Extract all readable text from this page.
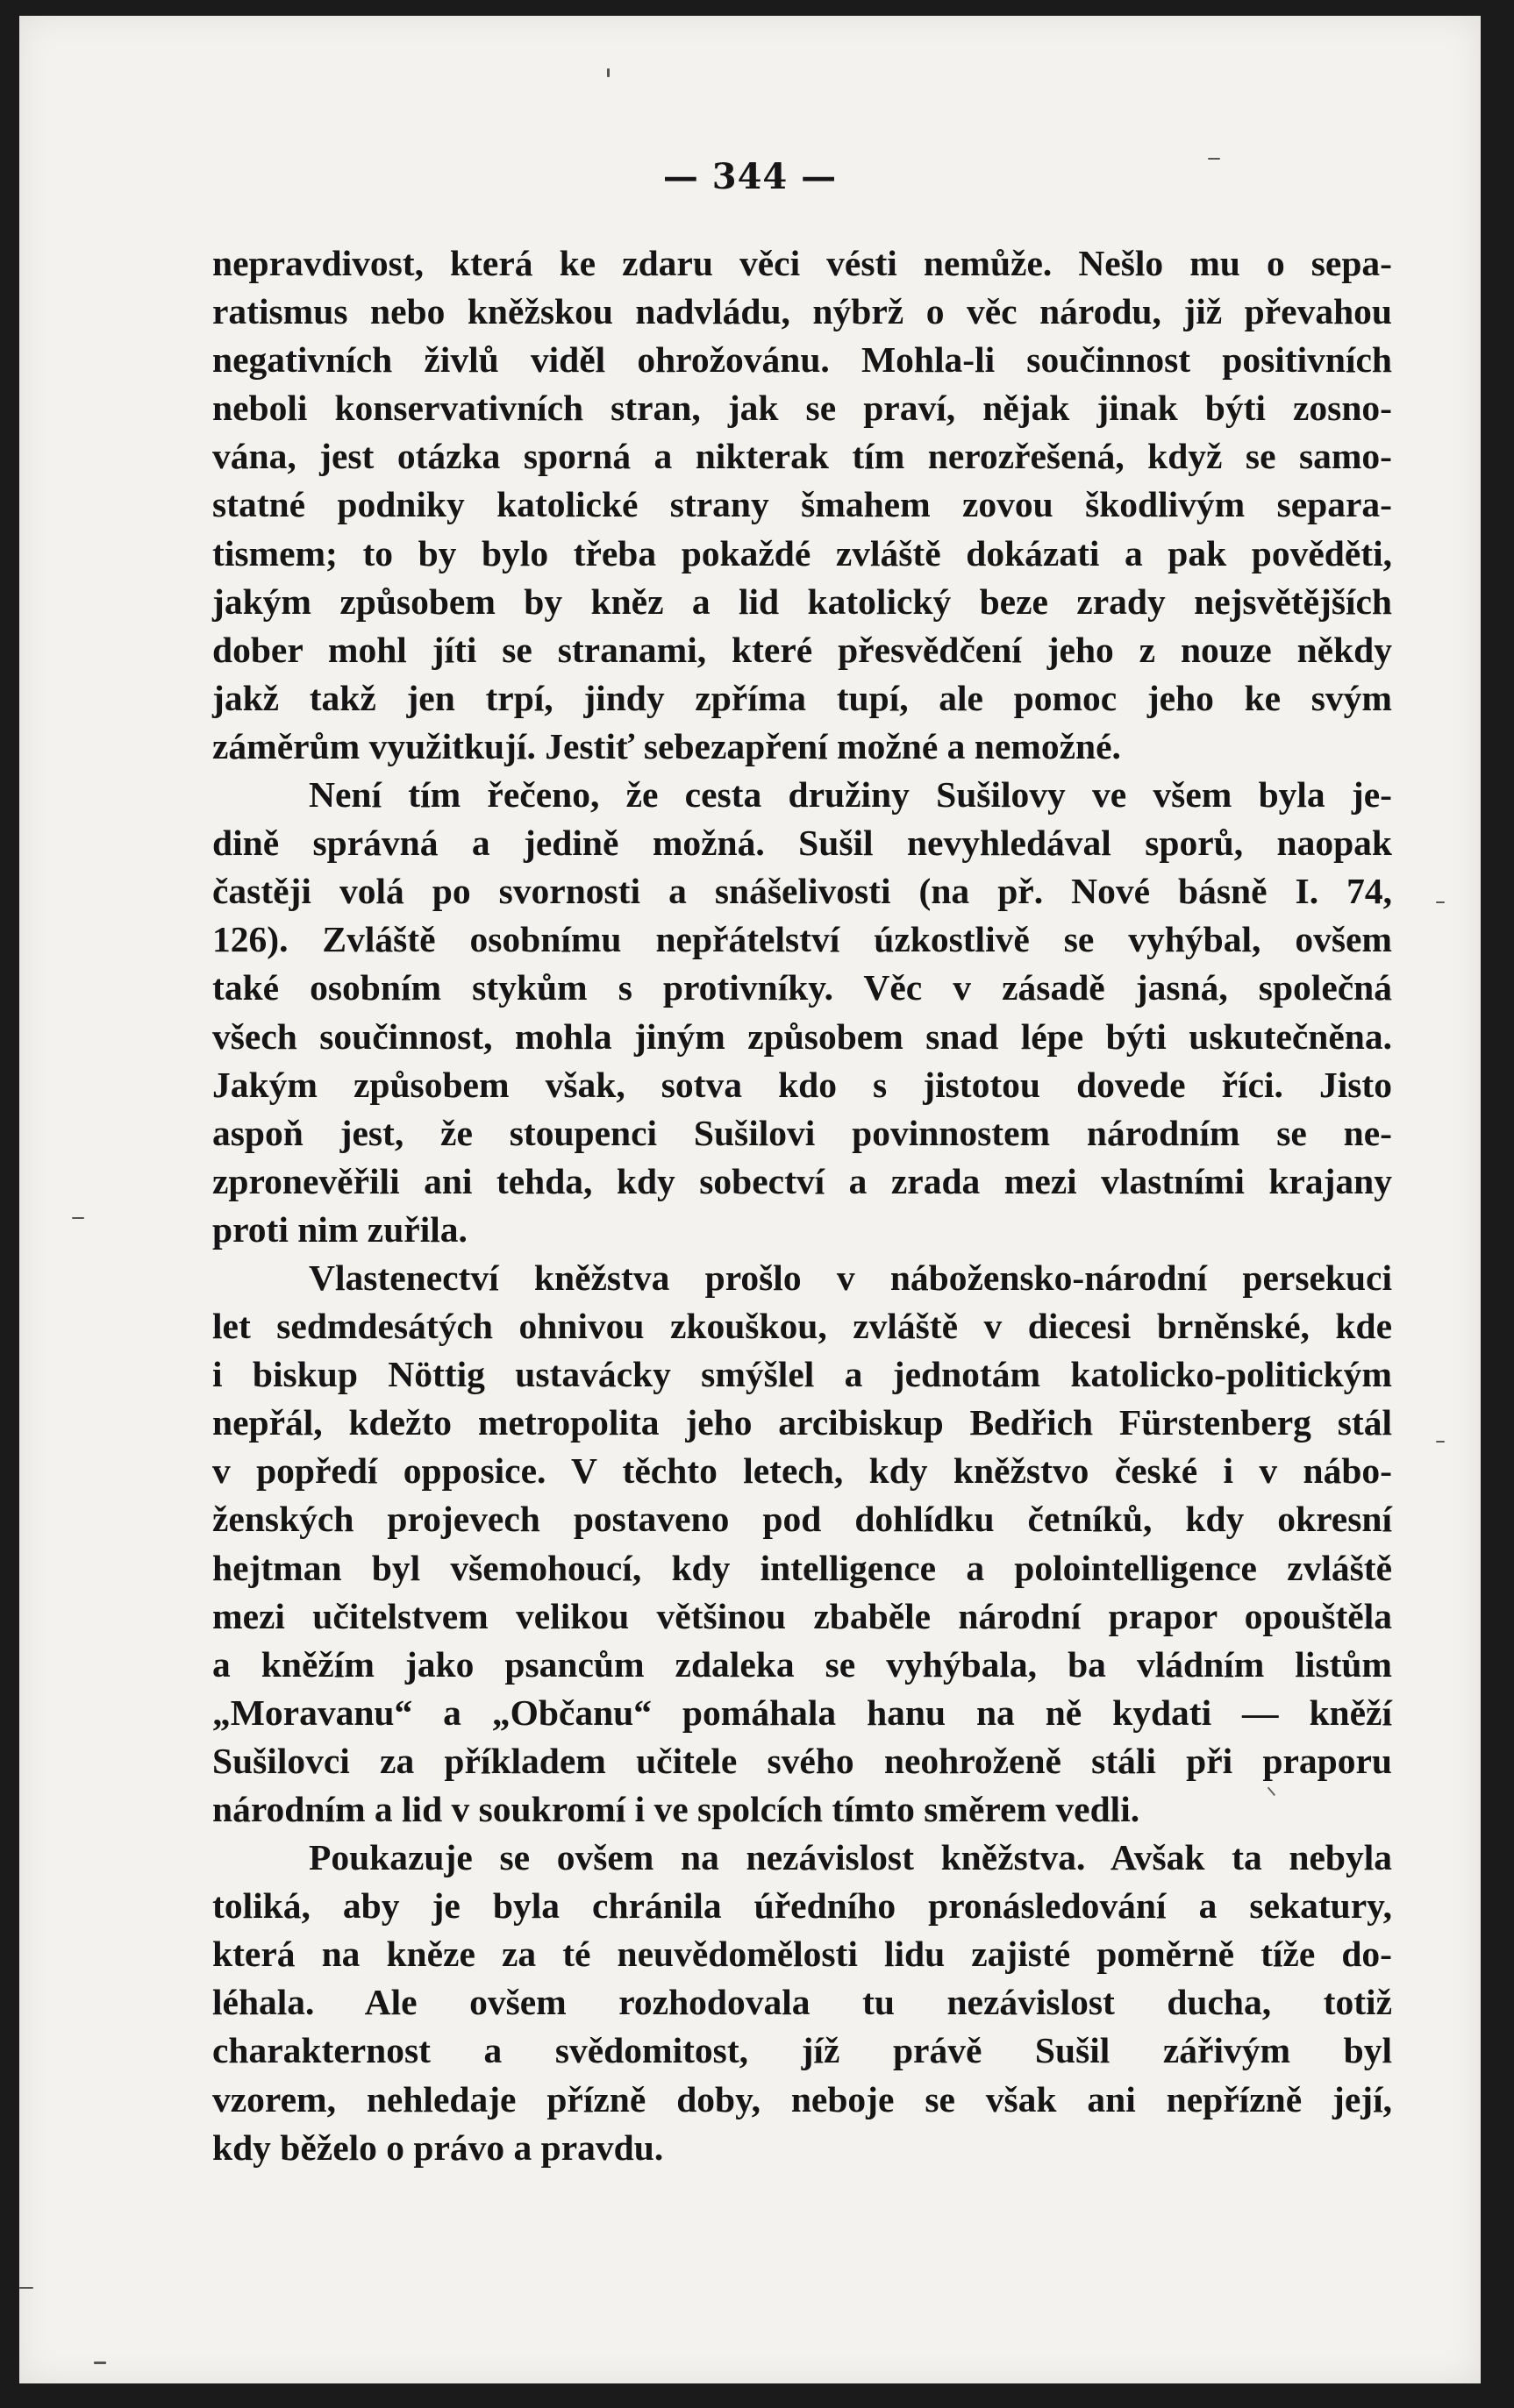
— 344 —
nepravdivost, která ke zdaru věci vésti nemůže. Nešlo mu o sepa-
ratismus nebo kněžskou nadvládu, nýbrž o věc národu, již převahou
negativních živlů viděl ohrožovánu. Mohla-li součinnost positivních
neboli konservativních stran, jak se praví, nějak jinak býti zosno-
vána, jest otázka sporná a nikterak tím nerozřešená, když se samo-
statné podniky katolické strany šmahem zovou škodlivým separa-
tismem; to by bylo třeba pokaždé zvláště dokázati a pak pověděti,
jakým způsobem by kněz a lid katolický beze zrady nejsvětějších
dober mohl jíti se stranami, které přesvědčení jeho z nouze někdy
jakž takž jen trpí, jindy zpříma tupí, ale pomoc jeho ke svým
záměrům využitkují. Jestiť sebezapření možné a nemožné.
Není tím řečeno, že cesta družiny Sušilovy ve všem byla je-
dině správná a jedině možná. Sušil nevyhledával sporů, naopak
častěji volá po svornosti a snášelivosti (na př. Nové básně I. 74,
126). Zvláště osobnímu nepřátelství úzkostlivě se vyhýbal, ovšem
také osobním stykům s protivníky. Věc v zásadě jasná, společná
všech součinnost, mohla jiným způsobem snad lépe býti uskutečněna.
Jakým způsobem však, sotva kdo s jistotou dovede říci. Jisto
aspoň jest, že stoupenci Sušilovi povinnostem národním se ne-
zpronevěřili ani tehda, kdy sobectví a zrada mezi vlastními krajany
proti nim zuřila.
Vlastenectví kněžstva prošlo v nábožensko-národní persekuci
let sedmdesátých ohnivou zkouškou, zvláště v diecesi brněnské, kde
i biskup Nöttig ustavácky smýšlel a jednotám katolicko-politickým
nepřál, kdežto metropolita jeho arcibiskup Bedřich Fürstenberg stál
v popředí opposice. V těchto letech, kdy kněžstvo české i v nábo-
ženských projevech postaveno pod dohlídku četníků, kdy okresní
hejtman byl všemohoucí, kdy intelligence a polointelligence zvláště
mezi učitelstvem velikou většinou zbaběle národní prapor opouštěla
a kněžím jako psancům zdaleka se vyhýbala, ba vládním listům
„Moravanu“ a „Občanu“ pomáhala hanu na ně kydati — kněží
Sušilovci za příkladem učitele svého neohroženě stáli při praporu
národním a lid v soukromí i ve spolcích tímto směrem vedli.
Poukazuje se ovšem na nezávislost kněžstva. Avšak ta nebyla
toliká, aby je byla chránila úředního pronásledování a sekatury,
která na kněze za té neuvědomělosti lidu zajisté poměrně tíže do-
léhala. Ale ovšem rozhodovala tu nezávislost ducha, totiž
charakternost a svědomitost, jíž právě Sušil zářivým byl
vzorem, nehledaje přízně doby, neboje se však ani nepřízně její,
kdy běželo o právo a pravdu.
